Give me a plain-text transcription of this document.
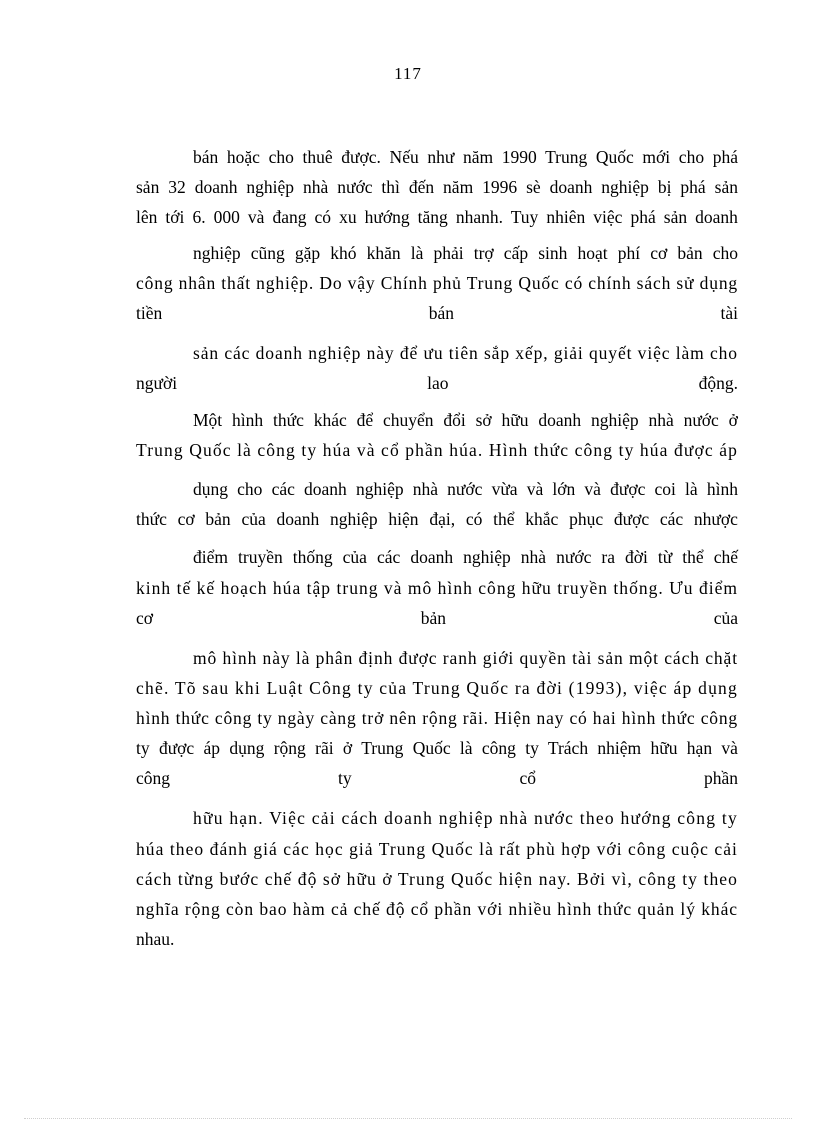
117
bán hoặc cho thuê được. Nếu như năm 1990 Trung Quốc mới cho phá
sản 32 doanh nghiệp nhà nước thì đến năm 1996 sè doanh nghiệp bị phá sản
lên tới 6. 000 và đang có xu hướng tăng nhanh. Tuy nhiên việc phá sản doanh
nghiệp cũng gặp khó khăn là phải trợ cấp sinh hoạt phí cơ bản cho
công nhân thất nghiệp. Do vậy Chính phủ Trung Quốc có chính sách sử dụng
tiền	bán	tài
sản các doanh nghiệp này để ưu tiên sắp xếp, giải quyết việc làm cho
người	lao	động.
Một hình thức khác để chuyển đổi sở hữu doanh nghiệp nhà nước ở
Trung Quốc là công ty húa và cổ phần húa. Hình thức công ty húa được áp
dụng cho các doanh nghiệp nhà nước vừa và lớn và được coi là hình
thức cơ bản của doanh nghiệp hiện đại, có thể khắc phục được các nhược
điểm truyền thống của các doanh nghiệp nhà nước ra đời từ thể chế
kinh tế kế hoạch húa tập trung và mô hình công hữu truyền thống. Ưu điểm
cơ	bản	của
mô hình này là phân định được ranh giới quyền tài sản một cách chặt
chẽ. Tõ sau khi Luật Công ty của Trung Quốc ra đời (1993), việc áp dụng
hình thức công ty ngày càng trở nên rộng rãi. Hiện nay có hai hình thức công
ty được áp dụng rộng rãi ở Trung Quốc là công ty Trách nhiệm hữu hạn và
công	ty	cổ	phần
hữu hạn. Việc cải cách doanh nghiệp nhà nước theo hướng công ty
húa theo đánh giá các học giả Trung Quốc là rất phù hợp với công cuộc cải
cách từng bước chế độ sở hữu ở Trung Quốc hiện nay. Bởi vì, công ty theo
nghĩa rộng còn bao hàm cả chế độ cổ phần với nhiều hình thức quản lý khác
nhau.
